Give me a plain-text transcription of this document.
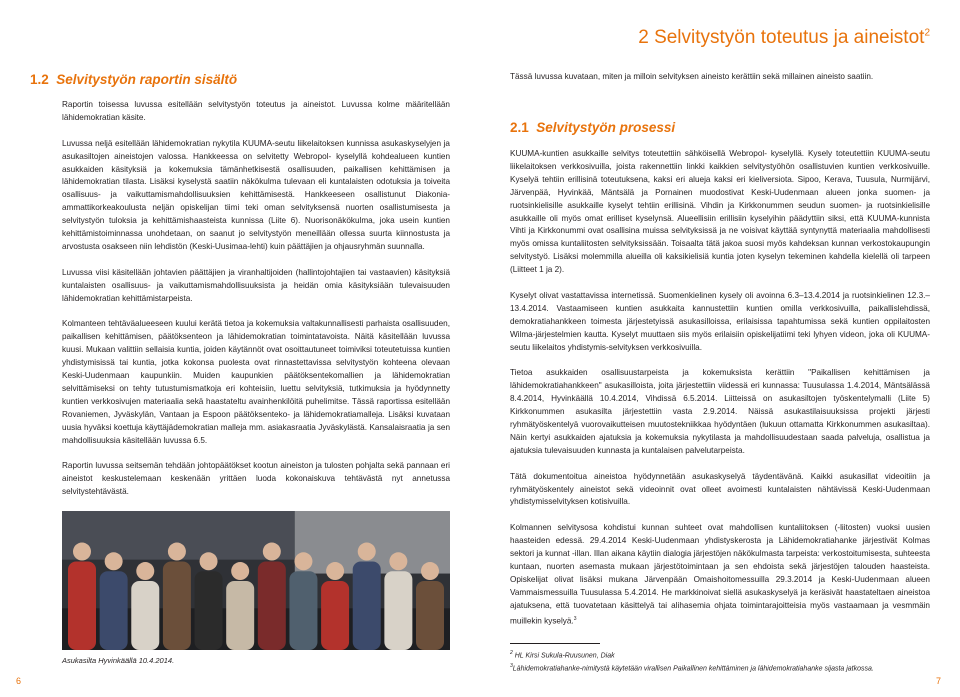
1.2 Selvitystyön raportin sisältö

Raportin toisessa luvussa esitellään selvitystyön toteutus ja aineistot. Luvussa kolme määritellään lähidemokratian käsite.

Luvussa neljä esitellään lähidemokratian nykytila KUUMA-seutu liikelaitoksen kunnissa asukaskyselyjen ja asukasiltojen aineistojen valossa. Hankkeessa on selvitetty Webropol- kyselyllä kohdealueen kuntien asukkaiden käsityksiä ja kokemuksia tämänhetkisestä osallisuuden, paikallisen kehittämisen ja lähidemokratian tilasta. Lisäksi kyselystä saatiin näkökulma tulevaan eli kuntalaisten odotuksia ja toiveita osallisuus- ja vaikuttamismahdollisuuksien kehittämisestä. Hankkeeseen osallistunut Diakonia-ammattikorkeakoulusta neljän opiskelijan tiimi teki oman selvityksensä nuorten osallistumisesta ja selvitystyön tuloksia ja kehittämishaasteista kunnissa (Liite 6). Nuorisonäkökulma, joka usein kuntien kehittämistoiminnassa unohdetaan, on saanut jo selvitystyön meneillään ollessa suurta kiinnostusta ja arvostusta osakseen niin lehdistön (Keski-Uusimaa-lehti) kuin päättäjien ja ohjausryhmän suunnalla.

Luvussa viisi käsitellään johtavien päättäjien ja viranhaltijoiden (hallintojohtajien tai vastaavien) käsityksiä kuntalaisten osallisuus- ja vaikuttamismahdollisuuksista ja heidän omia käsityksiään tulevaisuuden lähidemokratian kehittämistarpeista.

Kolmanteen tehtäväalueeseen kuului kerätä tietoa ja kokemuksia valtakunnallisesti parhaista osallisuuden, paikallisen kehittämisen, päätöksenteon ja lähidemokratian toimintatavoista. Näitä käsitellään luvussa kuusi. Mukaan valittiin sellaisia kuntia, joiden käytännöt ovat osoittautuneet toimiviksi toteutetuissa kuntien yhdistymisissä tai kuntia, jotka kokonsa puolesta ovat rinnastettavissa selvitystyön kohteena olevaan Keski-Uudenmaan kaupunkiin. Muiden kaupunkien päätöksentekomallien ja lähidemokratian selvittämiseksi on tehty tutustumismatkoja eri kohteisiin, luettu selvityksiä, tutkimuksia ja hyödynnetty kuntien verkkosivujen materiaalia sekä haastateltu avainhenkilöitä puhelimitse. Tässä raportissa esitellään Rovaniemen, Jyväskylän, Vantaan ja Espoon päätöksenteko- ja lähidemokratiamalleja. Lisäksi kuvataan uusia hyväksi koettuja käyttäjädemokratian malleja mm. asiakasraatia Jyväskylästä. Kansalaisraatia ja sen mahdollisuuksia käsitellään luvussa 6.5.

Raportin luvussa seitsemän tehdään johtopäätökset kootun aineiston ja tulosten pohjalta sekä pannaan eri aineistot keskustelemaan keskenään yrittäen luoda kokonaiskuva tehtävästä nyt annetussa selvitystehtävästä.

Asukasilta Hyvinkäällä 10.4.2014.
6
2 Selvitystyön toteutus ja aineistot$^2$

Tässä luvussa kuvataan, miten ja milloin selvityksen aineisto kerättiin sekä millainen aineisto saatiin.

2.1 Selvitystyön prosessi

KUUMA-kuntien asukkaille selvitys toteutettiin sähköisellä Webropol- kyselyllä. Kysely toteutettiin KUUMA-seutu liikelaitoksen verkkosivuilla, joista rakennettiin linkki kaikkien selvitystyöhön osallistuvien kuntien verkkosivuille. Kyselyä tehtiin erillisinä toteutuksena, kaksi eri alueja kaksi eri kieliversiota. Sipoo, Kerava, Tuusula, Nurmijärvi, Järvenpää, Hyvinkää, Mäntsälä ja Pornainen muodostivat Keski-Uudenmaan alueen jonka suomen- ja ruotsinkielisille asukkaille kyselyt tehtiin erillisinä. Vihdin ja Kirkkonummen seudun suomen- ja ruotsinkielisille asukkaille oli myös omat erilliset kyselynsä. Alueellisiin erillisiin kyselyihin päädyttiin siksi, että KUUMA-kunnista Vihti ja Kirkkonummi ovat osallisina muissa selvityksissä ja ne voisivat käyttää syntynyttä materiaalia mahdollisesti myös omissa kuntaliitosten selvityksissään. Toisaalta tätä jakoa suosi myös kahdeksan kunnan verkostokaupungin selvitystyö. Lisäksi molemmilla alueilla oli kaksikielisiä kuntia joten kyselyn tekeminen kahdella kielellä oli tarpeen (Liitteet 1 ja 2).

Kyselyt olivat vastattavissa internetissä. Suomenkielinen kysely oli avoinna 6.3–13.4.2014 ja ruotsinkielinen 12.3.–13.4.2014. Vastaamiseen kuntien asukkaita kannustettiin kuntien omilla verkkosivuilla, paikallislehdissä, demokratiahankkeen toimesta järjestetyissä asukasilloissa, erilaisissa tapahtumissa sekä kuntien oppilaitosten Wilma-järjestelmien kautta. Kyselyt muuttaen siis myös erilaisiin opiskelijatiimi teki lyhyen videon, joka oli KUUMA-seutu liikelaitos yhdistymis-selvityksen verkkosivuilla.

Tietoa asukkaiden osallisuustarpeista ja kokemuksista kerättiin "Paikallisen kehittämisen ja lähidemokratiahankkeen" asukasilloista, joita järjestettiin viidessä eri kunnassa: Tuusulassa 1.4.2014, Mäntsälässä 8.4.2014, Hyvinkäällä 10.4.2014, Vihdissä 6.5.2014. Liitteissä on asukasiltojen työskentelymalli (Liite 5) Kirkkonummen asukasilta järjestettiin vasta 2.9.2014. Näissä asukastilaisuuksissa projekti järjesti ryhmätyöskentelyä vuorovaikutteisen muutostekniikkaa hyödyntäen (lukuun ottamatta Kirkkonummen asukasiltaa). Näin kertyi asukkaiden ajatuksia ja kokemuksia nykytilasta ja mahdollisuudestaan saada palveluja, osallistua ja ajatuksia tulevaisuuden kunnasta ja kuntalaisen palvelutarpeista.

Tätä dokumentoitua aineistoa hyödynnetään asukaskyselyä täydentävänä. Kaikki asukasillat videoitiin ja ryhmätyöskentely aineistot sekä videoinnit ovat olleet avoimesti kuntalaisten nähtävissä Keski-Uudenmaan yhdistymisselvityksen kotisivuilla.

Kolmannen selvitysosa kohdistui kunnan suhteet ovat mahdollisen kuntaliitoksen (-liitosten) vuoksi uusien haasteiden edessä. 29.4.2014 Keski-Uudenmaan yhdistyskerosta ja Lähidemokratiahanke järjestivät Kolmas sektori ja kunnat -illan. Illan aikana käytiin dialogia järjestöjen näkökulmasta tarpeista: verkostoitumisesta, suhteesta kuntaan, nuorten asemasta mukaan järjestötoimintaan ja sen ehdoista sekä järjestöjen talouden haasteista. Opiskelijat olivat lisäksi mukana Järvenpään Omaishoitomessuilla 29.3.2014 ja Keski-Uudenmaan alueen Vammaismessuilla Tuusulassa 5.4.2014. He markkinoivat siellä asukaskyselyä ja keräsivät haastateltaen aineistoa ajatuksena, että tuovatetaan käsittelyä tai alihasemia ohjata toimintarajoitteisia myös vastaamaan ja vesmmäin muillekin kyselyä.$^3$

$^2$ HL Kirsi Sukula-Ruusunen, Diak
$^3$Lähidemokratiahanke-nimitystä käytetään virallisen Paikallinen kehittäminen ja lähidemokratiahanke sijasta jatkossa.
7
